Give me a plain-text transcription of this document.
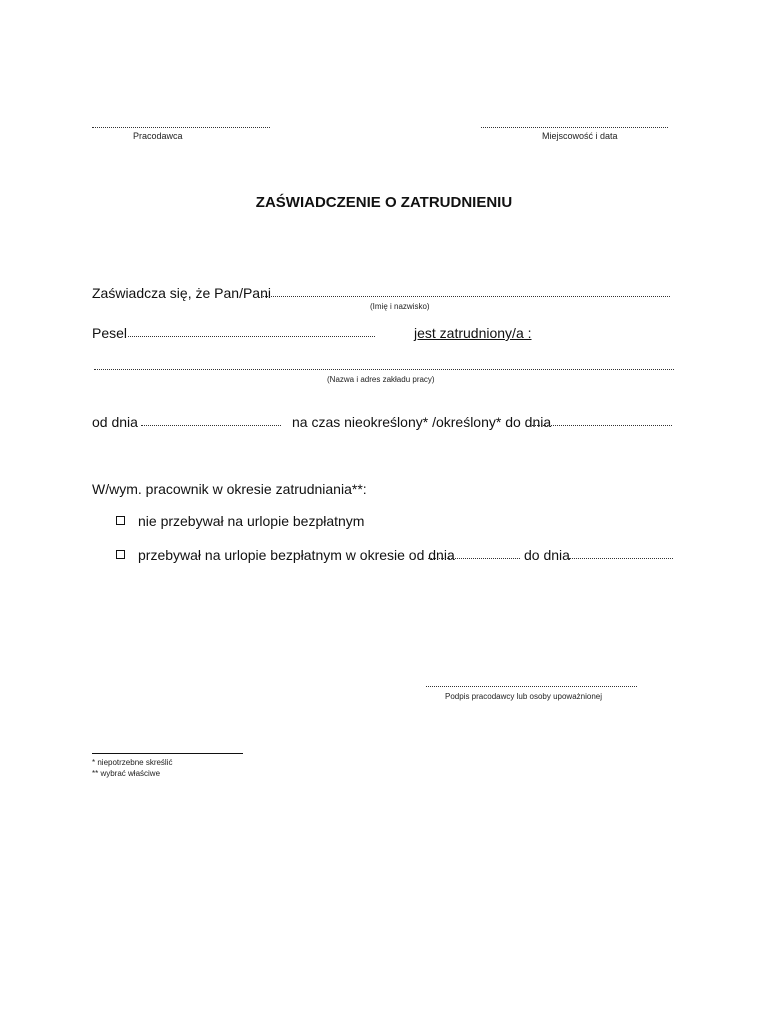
Pracodawca	Miejscowość i data
ZAŚWIADCZENIE O ZATRUDNIENIU
Zaświadcza się, że Pan/Pani
(Imię i nazwisko)
Pesel	jest zatrudniony/a :
(Nazwa i adres zakładu pracy)
od dnia	na czas nieokreślony* /określony* do dnia
W/wym. pracownik w okresie zatrudniania**:
nie przebywał na urlopie bezpłatnym
przebywał na urlopie bezpłatnym w okresie od dnia	do dnia
Podpis pracodawcy lub osoby upoważnionej
* niepotrzebne skreślić
** wybrać właściwe
